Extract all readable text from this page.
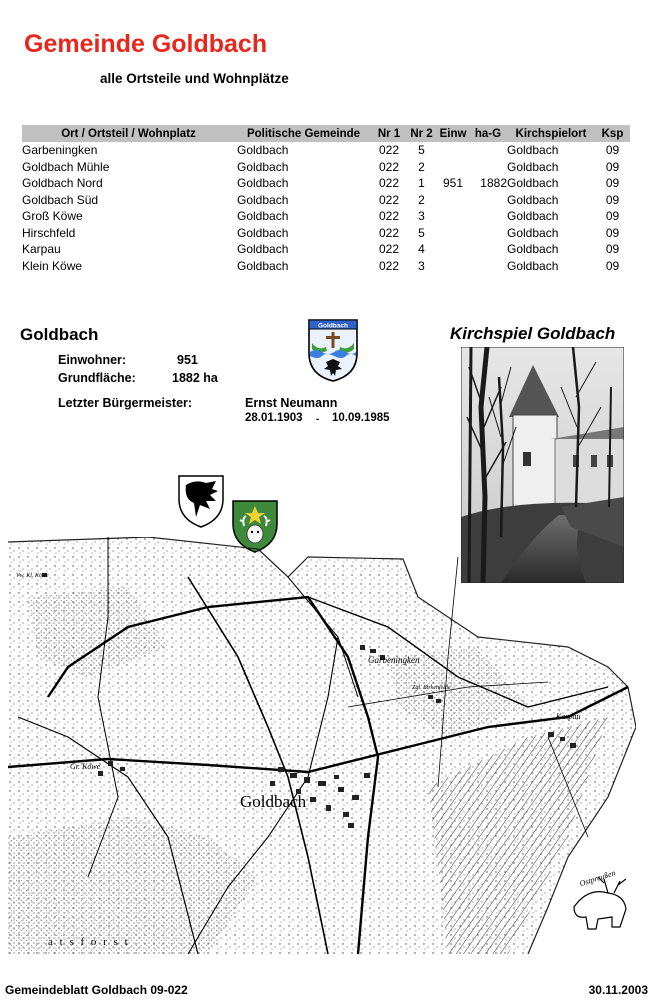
Gemeinde Goldbach
alle Ortsteile und Wohnplätze
Ort / Ortsteil / Wohnplatz	Politische Gemeinde	Nr 1	Nr 2	Einw	ha-G	Kirchspielort	Ksp
Garbeningken	Goldbach	022	5			Goldbach	09
Goldbach Mühle	Goldbach	022	2			Goldbach	09
Goldbach Nord	Goldbach	022	1	951	1882	Goldbach	09
Goldbach Süd	Goldbach	022	2			Goldbach	09
Groß Köwe	Goldbach	022	3			Goldbach	09
Hirschfeld	Goldbach	022	5			Goldbach	09
Karpau	Goldbach	022	4			Goldbach	09
Klein Köwe	Goldbach	022	3			Goldbach	09
Goldbach
Einwohner:	951
Grundfläche:	1882 ha
Letzter Bürgermeister:	Ernst Neumann
28.01.1903 - 10.09.1985
Goldbach	Kirchspiel Goldbach
Goldbach
Garbeningken
Karpau
Gr. Köwe
Vw. Kl. Köwe
Zgl. Birkenfelde
a t s f o r s t
Ostpreußen
Gemeindeblatt Goldbach 09-022	30.11.2003
